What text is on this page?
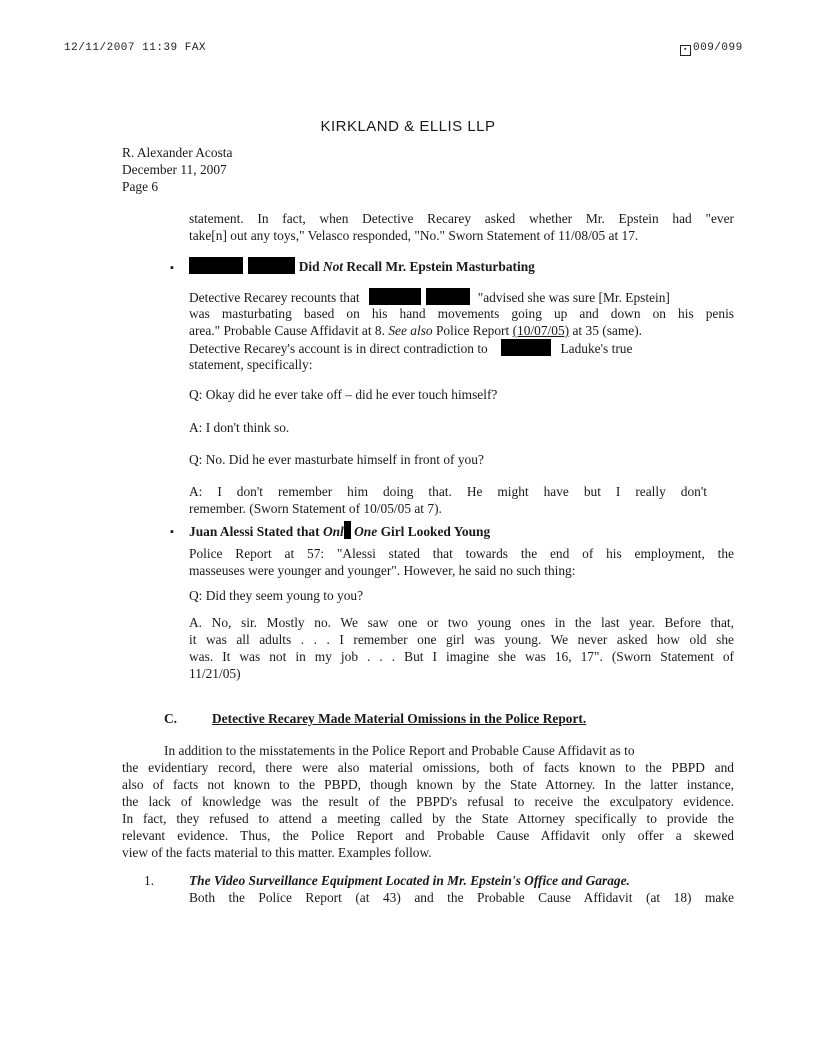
12/11/2007 11:39 FAX	▪ 009/099
KIRKLAND & ELLIS LLP
R. Alexander Acosta
December 11, 2007
Page 6
statement. In fact, when Detective Recarey asked whether Mr. Epstein had "ever
take[n] out any toys," Velasco responded, "No." Sworn Statement of 11/08/05 at 17.
▪	Did Not Recall Mr. Epstein Masturbating
Detective Recarey recounts that	"advised she was sure [Mr. Epstein]
was masturbating based on his hand movements going up and down on his penis
area." Probable Cause Affidavit at 8. See also Police Report (10/07/05) at 35 (same).
Detective Recarey's account is in direct contradiction to	Laduke's true
statement, specifically:
Q: Okay did he ever take off – did he ever touch himself?
A: I don't think so.
Q: No. Did he ever masturbate himself in front of you?
A: I don't remember him doing that. He might have but I really don't
remember. (Sworn Statement of 10/05/05 at 7).
▪ Juan Alessi Stated that Onl One Girl Looked Young
Police Report at 57: "Alessi stated that towards the end of his employment, the
masseuses were younger and younger". However, he said no such thing:
Q: Did they seem young to you?
A. No, sir. Mostly no. We saw one or two young ones in the last year. Before that,
it was all adults . . . I remember one girl was young. We never asked how old she
was. It was not in my job . . . But I imagine she was 16, 17". (Sworn Statement of
11/21/05)
C.	Detective Recarey Made Material Omissions in the Police Report.
In addition to the misstatements in the Police Report and Probable Cause Affidavit as to
the evidentiary record, there were also material omissions, both of facts known to the PBPD and
also of facts not known to the PBPD, though known by the State Attorney. In the latter instance,
the lack of knowledge was the result of the PBPD's refusal to receive the exculpatory evidence.
In fact, they refused to attend a meeting called by the State Attorney specifically to provide the
relevant evidence. Thus, the Police Report and Probable Cause Affidavit only offer a skewed
view of the facts material to this matter. Examples follow.
1.	The Video Surveillance Equipment Located in Mr. Epstein's Office and Garage.
Both the Police Report (at 43) and the Probable Cause Affidavit (at 18) make
